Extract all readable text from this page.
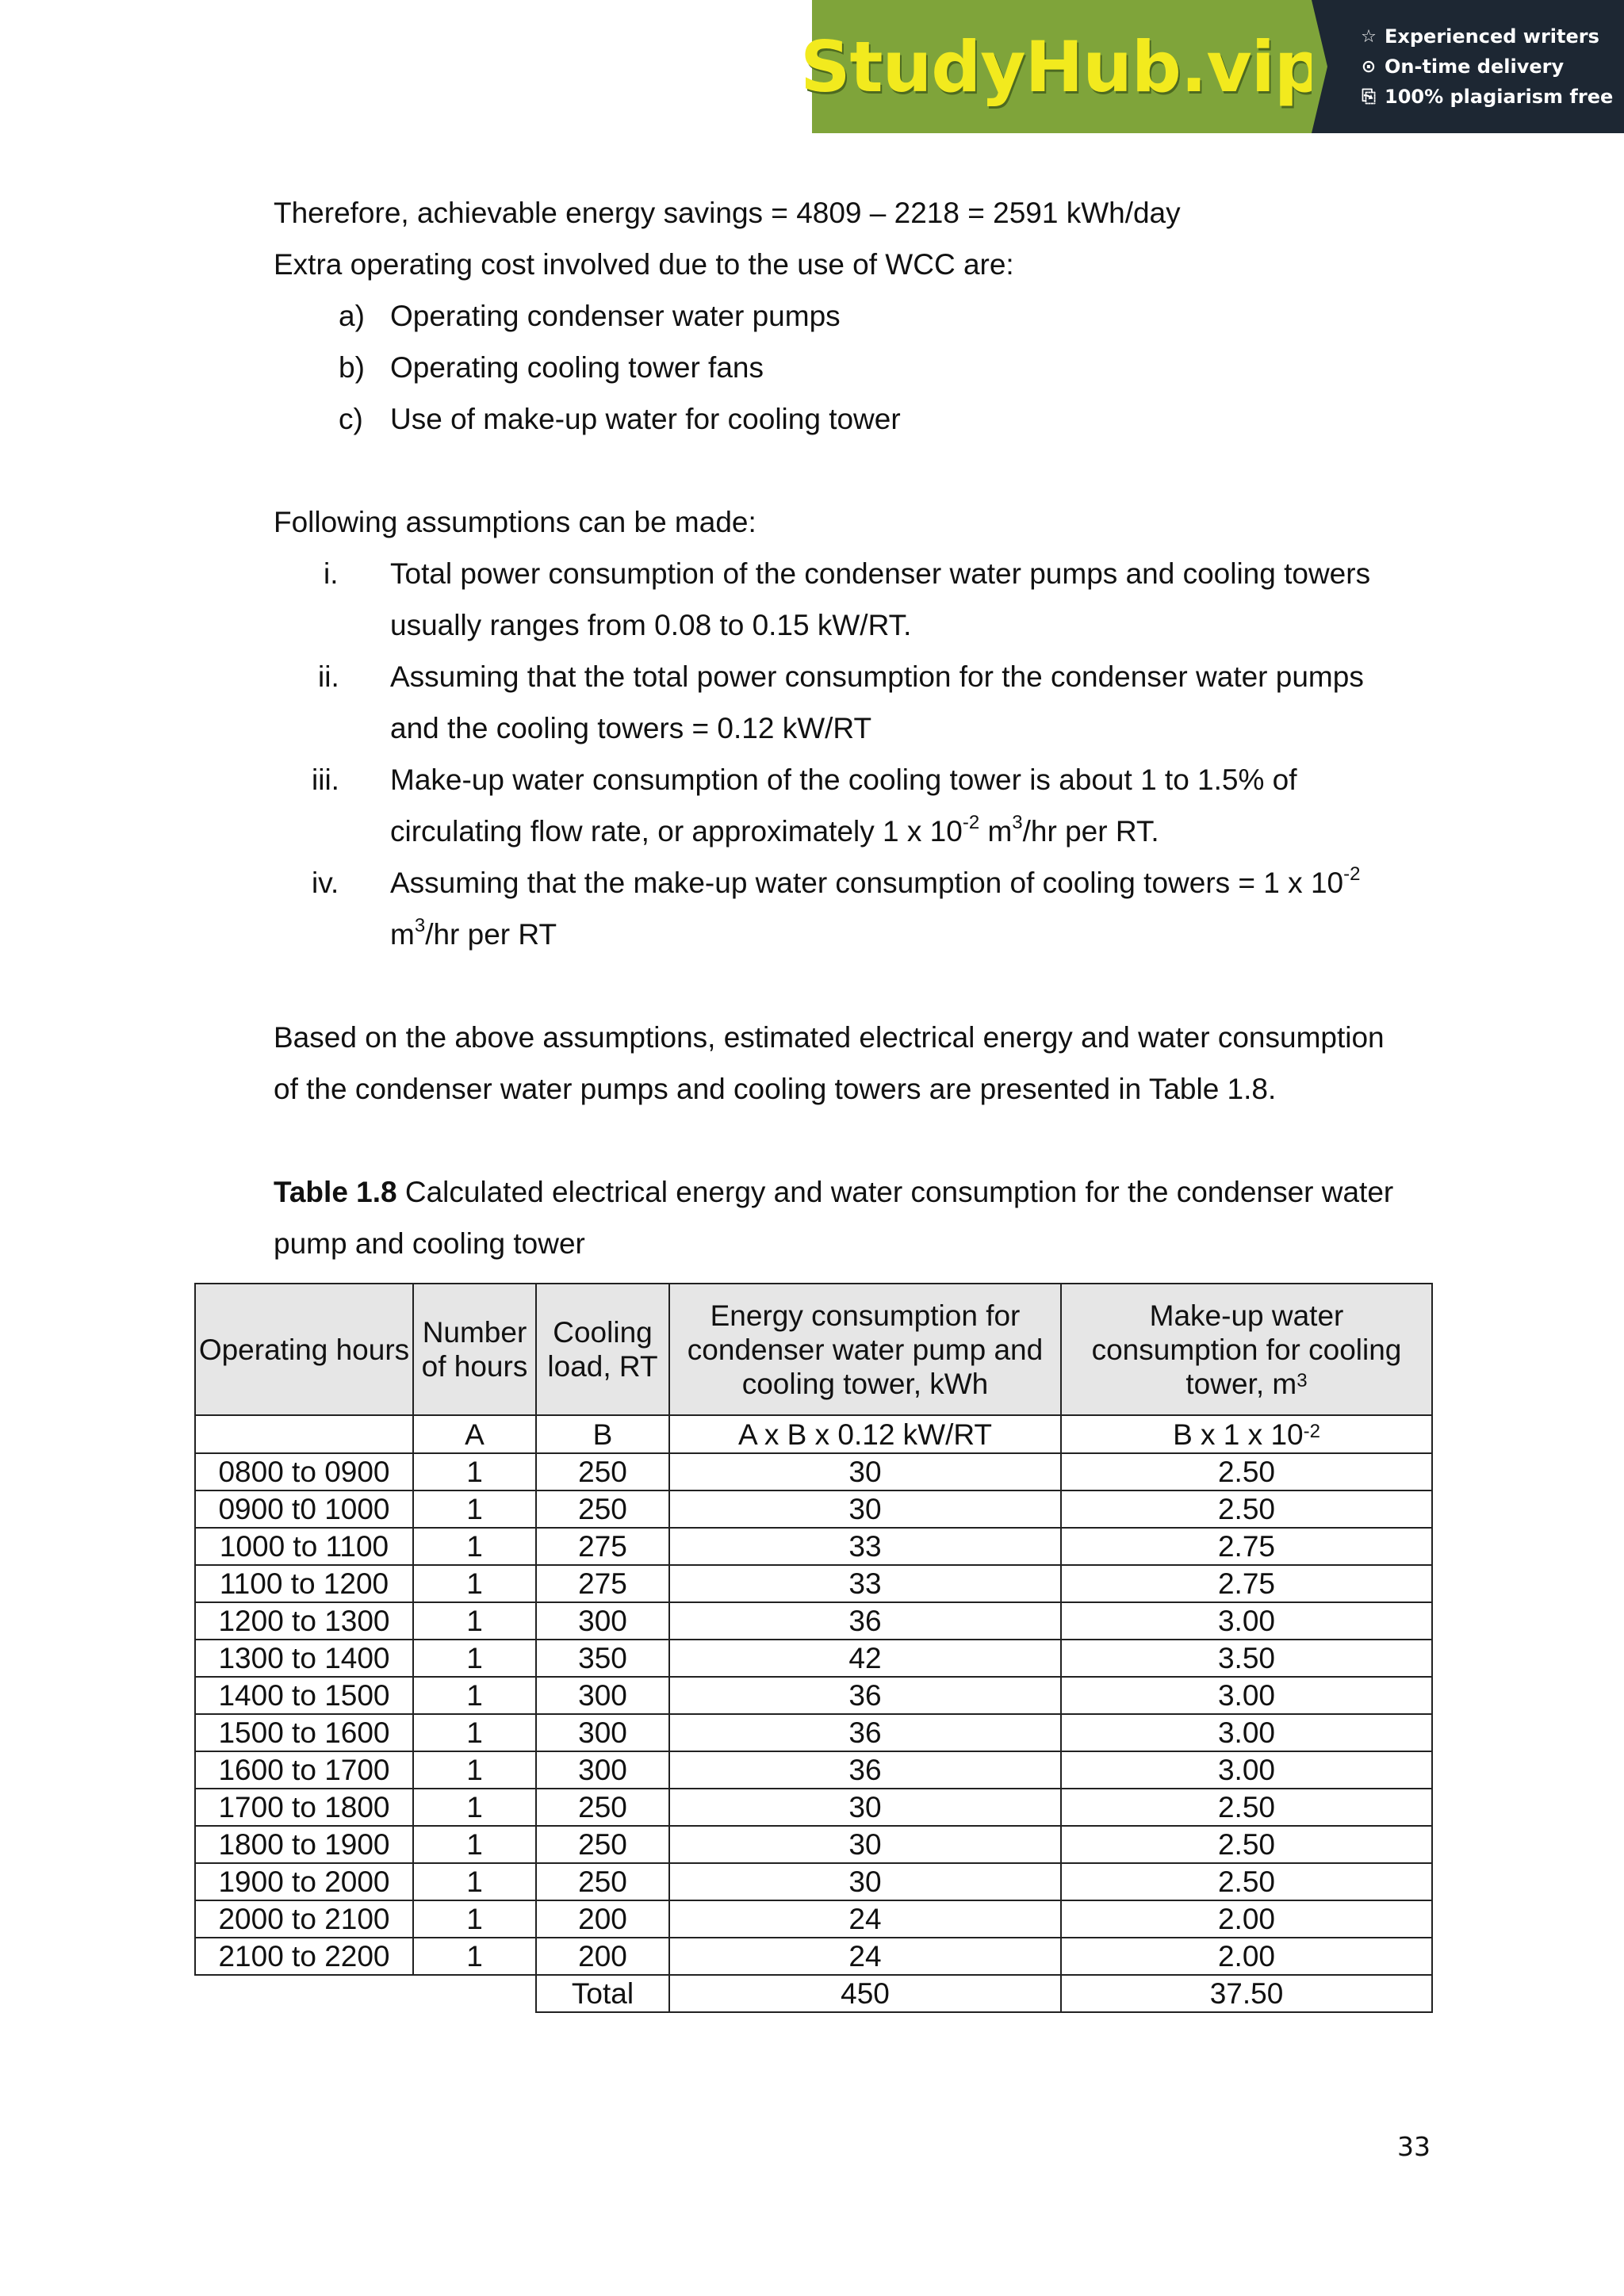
StudyHub.vip ☆ Experienced writers
⊙ On-time delivery
⎘ 100% plagiarism free
Therefore, achievable energy savings = 4809 – 2218 = 2591 kWh/day
Extra operating cost involved due to the use of WCC are:
a) Operating condenser water pumps
b) Operating cooling tower fans
c) Use of make-up water for cooling tower
Following assumptions can be made:
i. Total power consumption of the condenser water pumps and cooling towers
usually ranges from 0.08 to 0.15 kW/RT.
ii. Assuming that the total power consumption for the condenser water pumps
and the cooling towers = 0.12 kW/RT
iii. Make-up water consumption of the cooling tower is about 1 to 1.5% of
circulating flow rate, or approximately 1 x $10^{-2}$ $m^3/hr$ per RT.
iv. Assuming that the make-up water consumption of cooling towers = 1 x $10^{-2}$
$m^3/hr$ per RT
Based on the above assumptions, estimated electrical energy and water consumption
of the condenser water pumps and cooling towers are presented in Table 1.8.
Table 1.8 Calculated electrical energy and water consumption for the condenser water
pump and cooling tower
Operating hours	Number of hours	Cooling load, RT	Energy consumption for condenser water pump and cooling tower, kWh	Make-up water consumption for cooling tower, $m^3$
	A	B	A x B x 0.12 kW/RT	B x 1 x $10^{-2}$
0800 to 0900	1	250	30	2.50
0900 t0 1000	1	250	30	2.50
1000 to 1100	1	275	33	2.75
1100 to 1200	1	275	33	2.75
1200 to 1300	1	300	36	3.00
1300 to 1400	1	350	42	3.50
1400 to 1500	1	300	36	3.00
1500 to 1600	1	300	36	3.00
1600 to 1700	1	300	36	3.00
1700 to 1800	1	250	30	2.50
1800 to 1900	1	250	30	2.50
1900 to 2000	1	250	30	2.50
2000 to 2100	1	200	24	2.00
2100 to 2200	1	200	24	2.00
		Total	450	37.50
33
